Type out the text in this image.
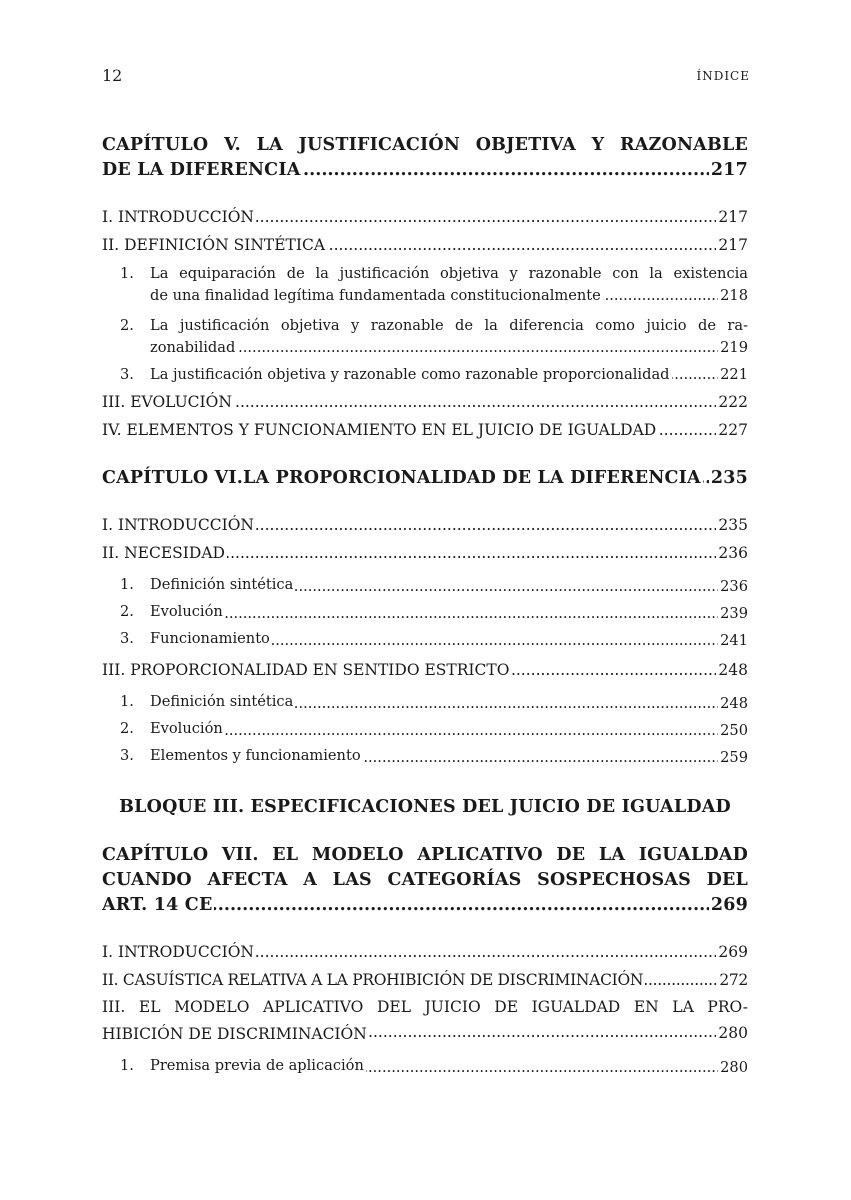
12	ÍNDICE
CAPÍTULO V. LA JUSTIFICACIÓN OBJETIVA Y RAZONABLE
DE LA DIFERENCIA	217
.....
I. INTRODUCCIÓN	217
.....
II. DEFINICIÓN SINTÉTICA	217
.....
1. La equiparación de la justificación objetiva y razonable con la existencia
de una finalidad legítima fundamentada constitucionalmente	218
.....
2. La justificación objetiva y razonable de la diferencia como juicio de ra-
zonabilidad	219
.....
3. La justificación objetiva y razonable como razonable proporcionalidad	221
.....
III. EVOLUCIÓN	222
.....
IV. ELEMENTOS Y FUNCIONAMIENTO EN EL JUICIO DE IGUALDAD	227
.....
CAPÍTULO VI.LA PROPORCIONALIDAD DE LA DIFERENCIA 235
.....
I. INTRODUCCIÓN	235
.....
II. NECESIDAD	236
.....
1. Definición sintética	236
.....
2. Evolución	239
.....
3. Funcionamiento	241
.....
III. PROPORCIONALIDAD EN SENTIDO ESTRICTO	248
.....
1. Definición sintética	248
.....
2. Evolución	250
.....
3. Elementos y funcionamiento	259
.....
BLOQUE III. ESPECIFICACIONES DEL JUICIO DE IGUALDAD
CAPÍTULO VII. EL MODELO APLICATIVO DE LA IGUALDAD
CUANDO AFECTA A LAS CATEGORÍAS SOSPECHOSAS DEL
ART. 14 CE	269
.....
I. INTRODUCCIÓN	269
.....
II. CASUÍSTICA RELATIVA A LA PROHIBICIÓN DE DISCRIMINACIÓN	272
.....
III. EL MODELO APLICATIVO DEL JUICIO DE IGUALDAD EN LA PRO-
HIBICIÓN DE DISCRIMINACIÓN	280
.....
1. Premisa previa de aplicación	280
.....
